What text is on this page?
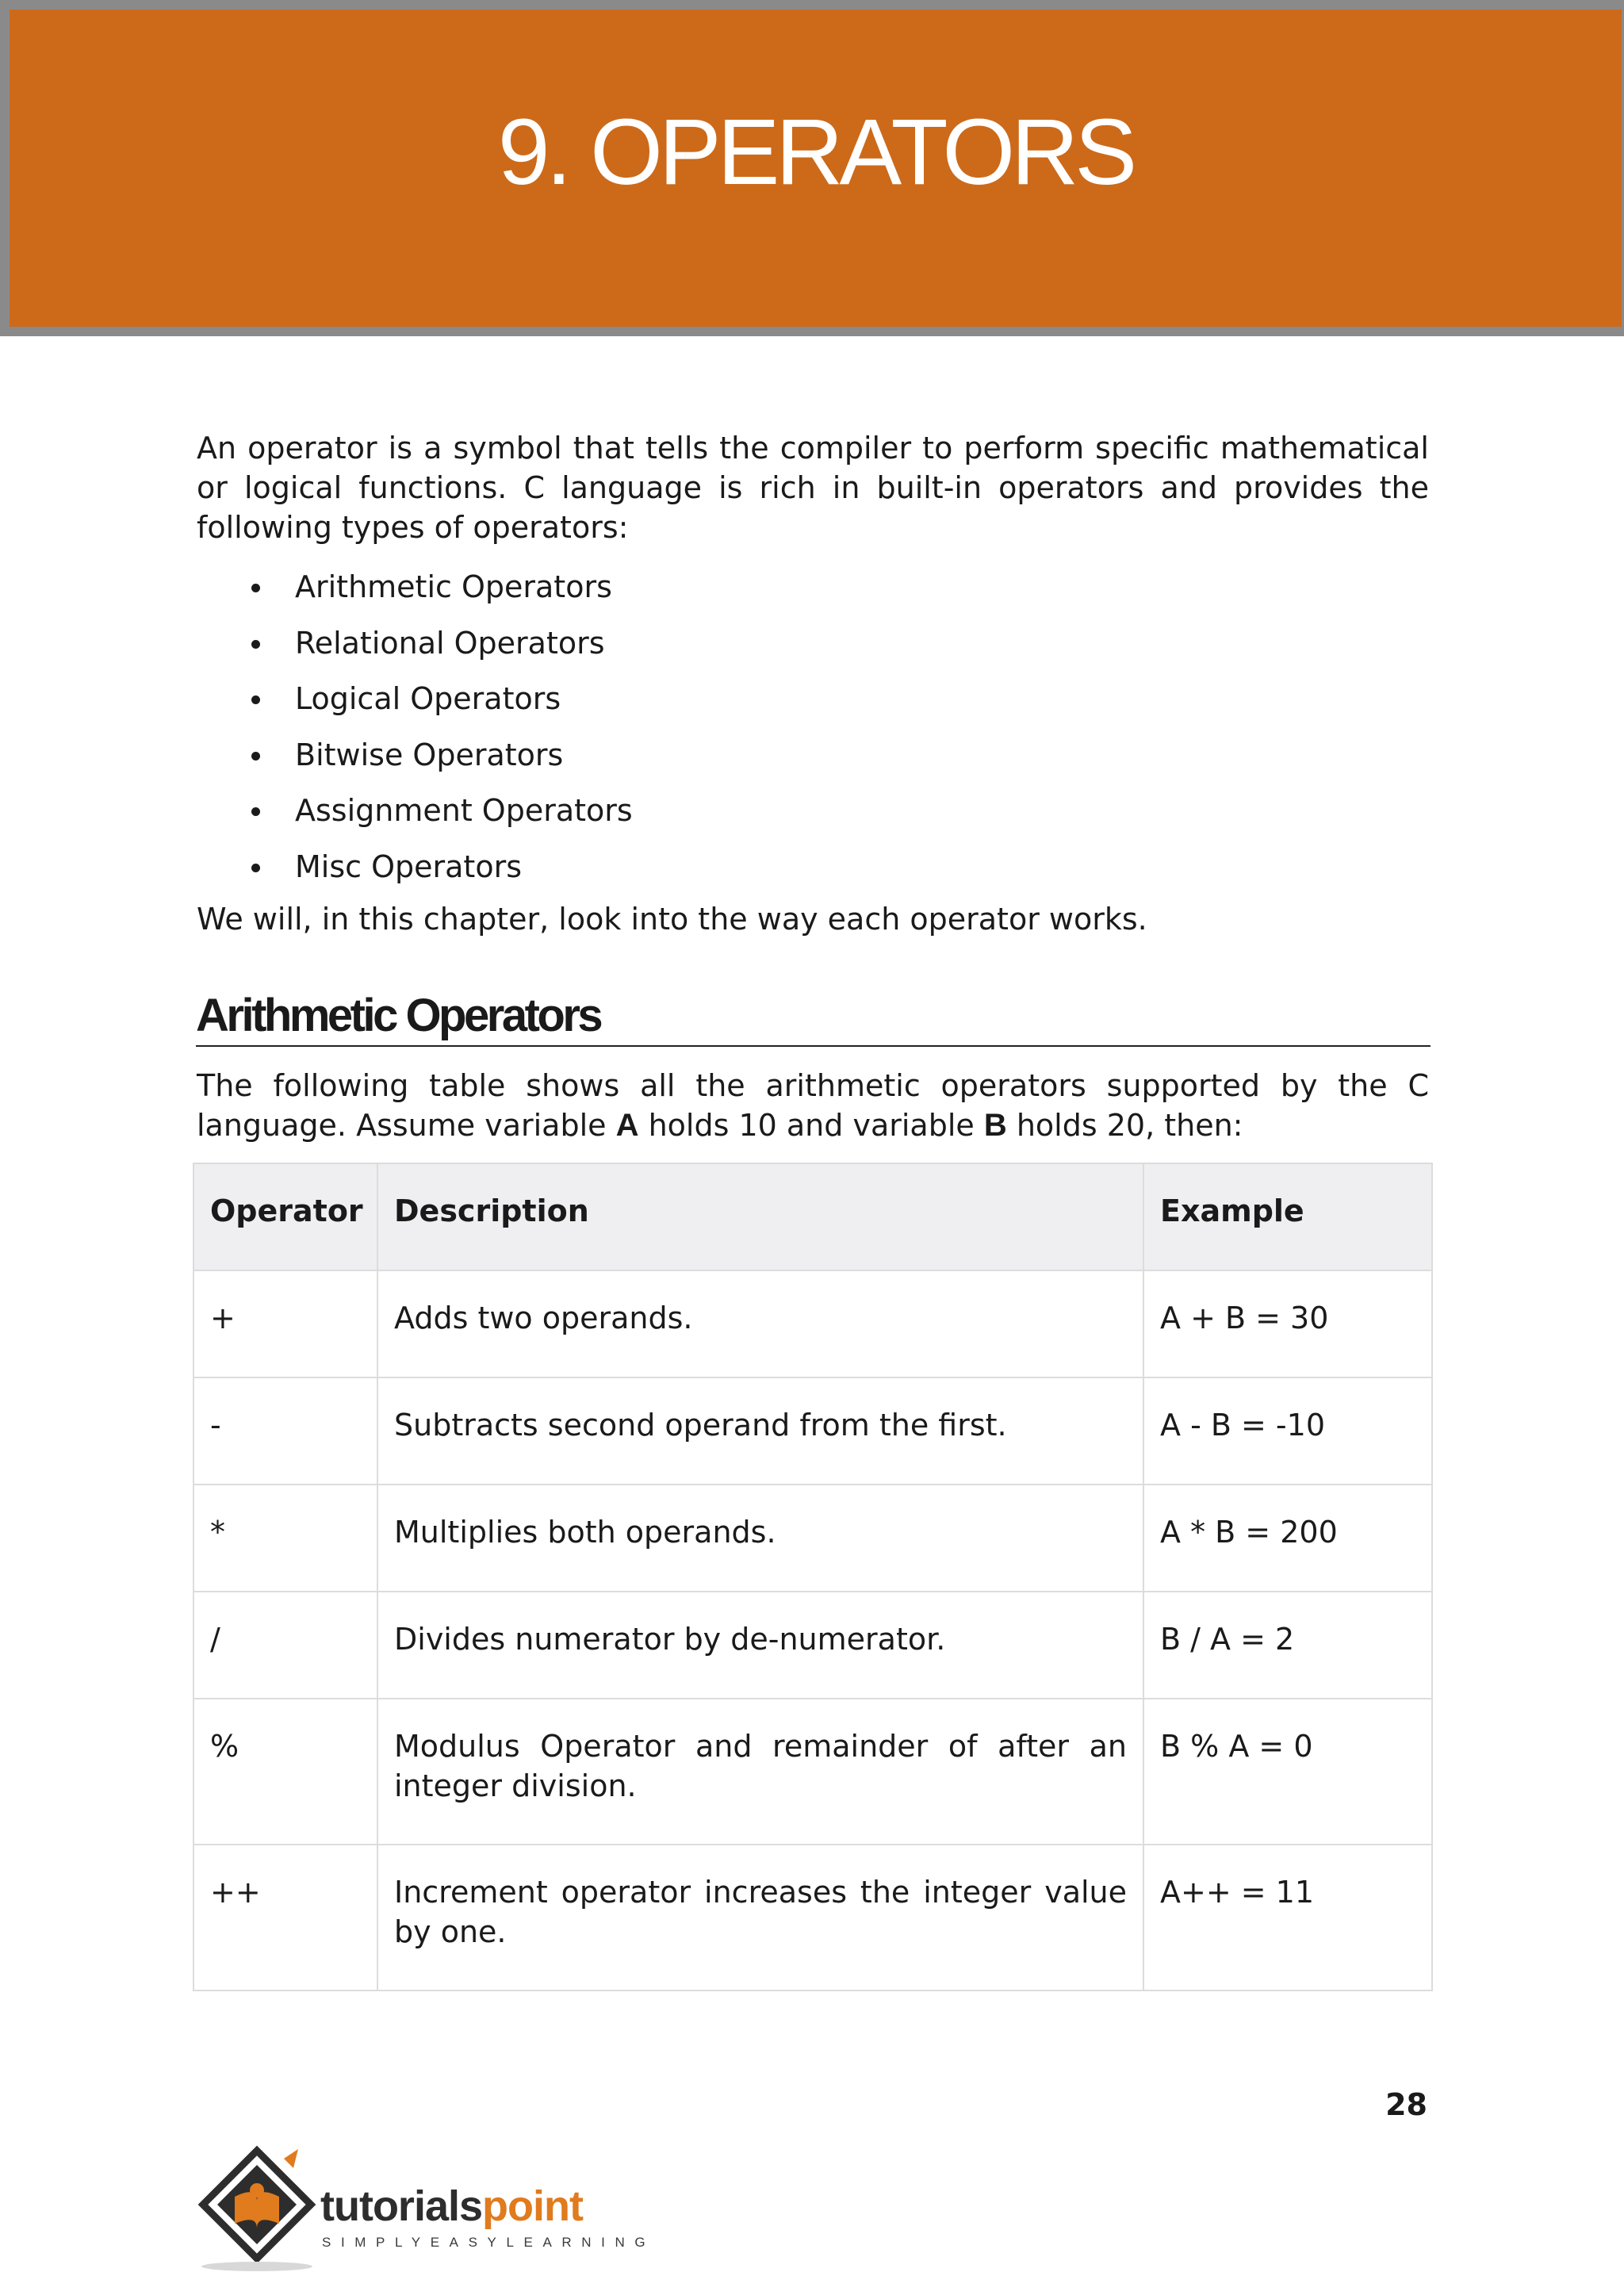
9. OPERATORS

An operator is a symbol that tells the compiler to perform specific mathematical or logical functions. C language is rich in built-in operators and provides the following types of operators:

Arithmetic Operators
Relational Operators
Logical Operators
Bitwise Operators
Assignment Operators
Misc Operators

We will, in this chapter, look into the way each operator works.

Arithmetic Operators

The following table shows all the arithmetic operators supported by the C language. Assume variable A holds 10 and variable B holds 20, then:

Operator	Description	Example
+	Adds two operands.	A + B = 30
-	Subtracts second operand from the first.	A - B = -10
*	Multiplies both operands.	A * B = 200
/	Divides numerator by de-numerator.	B / A = 2
%	Modulus Operator and remainder of after an integer division.	B % A = 0
++	Increment operator increases the integer value by one.	A++ = 11

28

tutorialspoint

SIMPLYEASYLEARNING
